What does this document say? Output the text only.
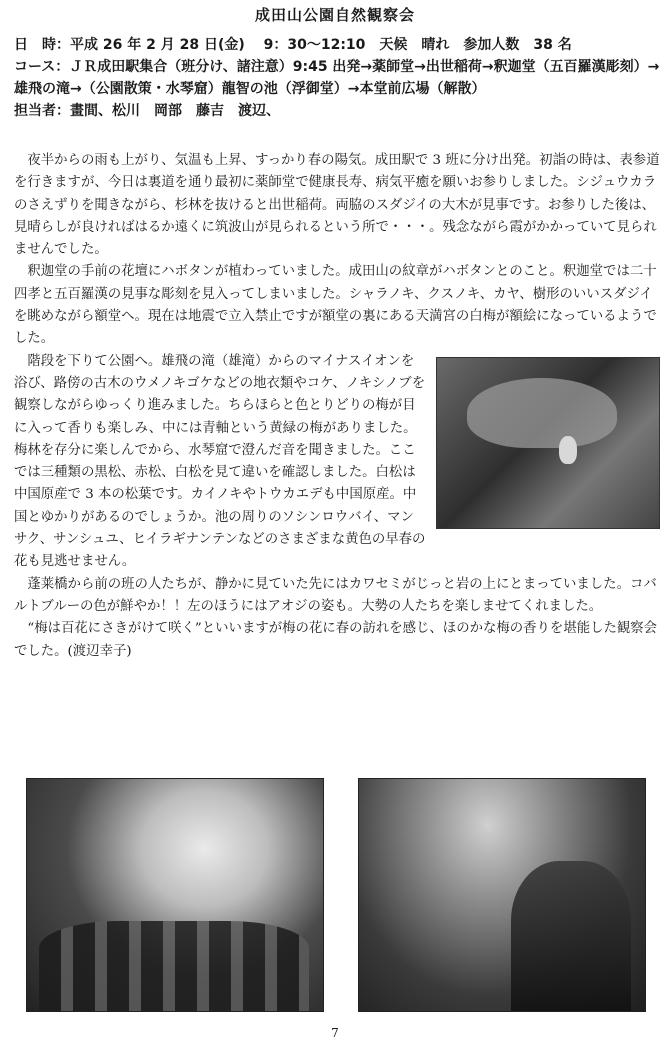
成田山公園自然観察会
日　時：平成 26 年 2 月 28 日(金)　 9：30～12:10　天候　晴れ　参加人数　38 名
コース：ＪＲ成田駅集合（班分け、諸注意）9:45 出発→薬師堂→出世稲荷→釈迦堂（五百羅漢彫刻）→雄飛の滝→（公園散策・水琴窟）龍智の池（浮御堂）→本堂前広場（解散）
担当者：畫間、松川　岡部　藤吉　渡辺、

夜半からの雨も上がり、気温も上昇、すっかり春の陽気。成田駅で 3 班に分け出発。初詣の時は、表参道を行きますが、今日は裏道を通り最初に薬師堂で健康長寿、病気平癒を願いお参りしました。シジュウカラのさえずりを聞きながら、杉林を抜けると出世稲荷。両脇のスダジイの大木が見事です。お参りした後は、見晴らしが良ければはるか遠くに筑波山が見られるという所で・・・。残念ながら霞がかかっていて見られませんでした。

釈迦堂の手前の花壇にハボタンが植わっていました。成田山の紋章がハボタンとのこと。釈迦堂では二十四孝と五百羅漢の見事な彫刻を見入ってしまいました。シャラノキ、クスノキ、カヤ、樹形のいいスダジイを眺めながら額堂へ。現在は地震で立入禁止ですが額堂の裏にある天満宮の白梅が額絵になっているようでした。

階段を下りて公園へ。雄飛の滝（雄滝）からのマイナスイオンを浴び、路傍の古木のウメノキゴケなどの地衣類やコケ、ノキシノブを観察しながらゆっくり進みました。ちらほらと色とりどりの梅が目に入って香りも楽しみ、中には青軸という黄緑の梅がありました。梅林を存分に楽しんでから、水琴窟で澄んだ音を聞きました。ここでは三種類の黒松、赤松、白松を見て違いを確認しました。白松は中国原産で 3 本の松葉です。カイノキやトウカエデも中国原産。中国とゆかりがあるのでしょうか。池の周りのソシンロウバイ、マンサク、サンシュユ、ヒイラギナンテンなどのさまざまな黄色の早春の花も見逃せません。

蓬莱橋から前の班の人たちが、静かに見ていた先にはカワセミがじっと岩の上にとまっていました。コバルトブルーの色が鮮やか！！左のほうにはアオジの姿も。大勢の人たちを楽しませてくれました。

“梅は百花にさきがけて咲く”といいますが梅の花に春の訪れを感じ、ほのかな梅の香りを堪能した観察会でした。(渡辺幸子)

7
